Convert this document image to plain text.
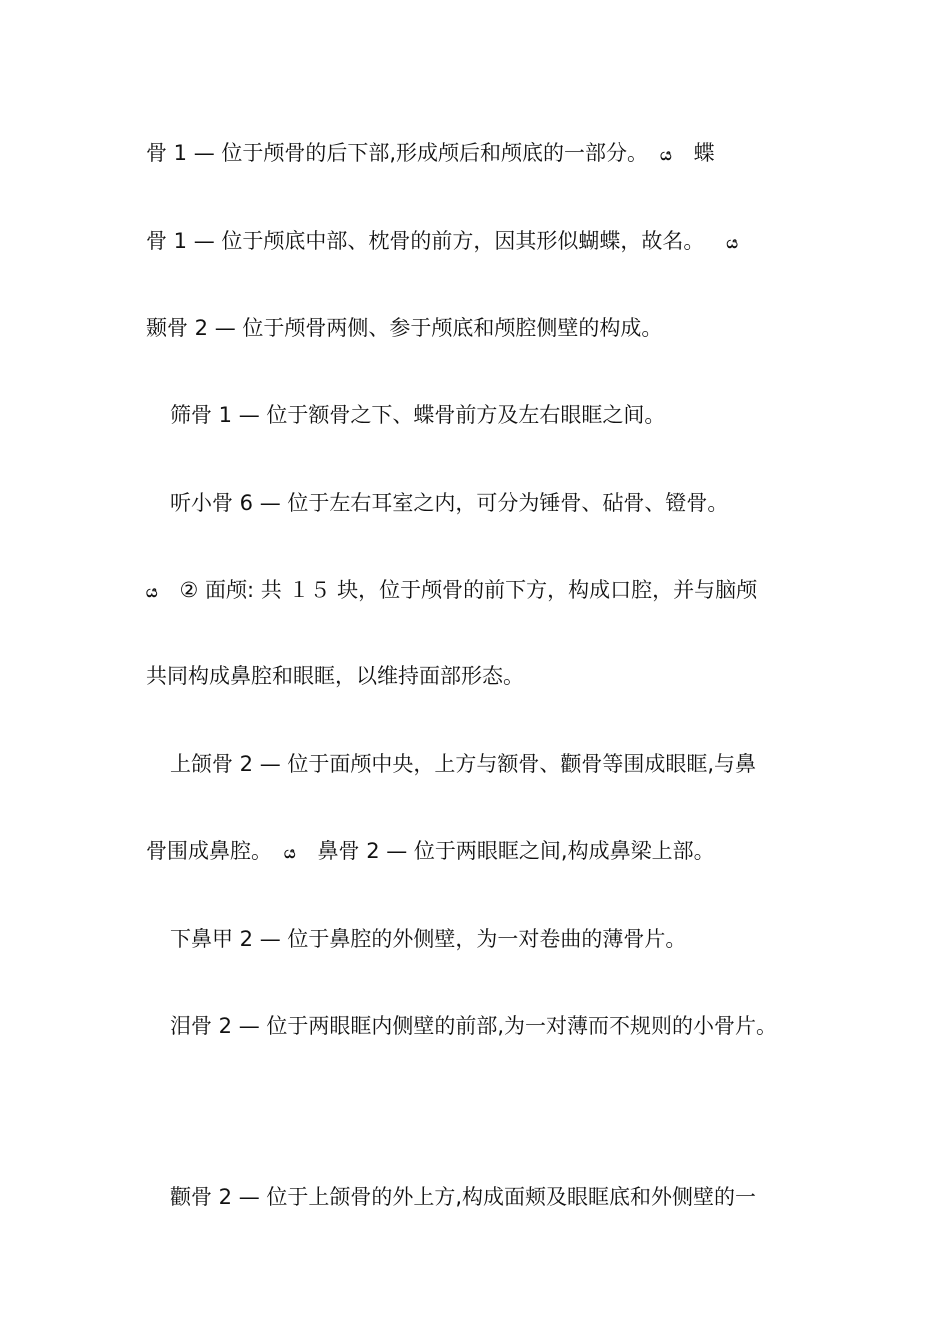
骨 1 — 位于颅骨的后下部,形成颅后和颅底的一部分。 ය 蝶
骨 1 — 位于颅底中部、枕骨的前方，因其形似蝴蝶，故名。 ය
颞骨 2 — 位于颅骨两侧、参于颅底和颅腔侧壁的构成。
筛骨 1 — 位于额骨之下、蝶骨前方及左右眼眶之间。
听小骨 6 — 位于左右耳室之内，可分为锤骨、砧骨、镫骨。
ය ② 面颅: 共 １５ 块，位于颅骨的前下方，构成口腔，并与脑颅
共同构成鼻腔和眼眶，以维持面部形态。
上颌骨 2 — 位于面颅中央，上方与额骨、颧骨等围成眼眶,与鼻
骨围成鼻腔。 ය 鼻骨 2 — 位于两眼眶之间,构成鼻梁上部。
下鼻甲 2 — 位于鼻腔的外侧壁，为一对卷曲的薄骨片。
泪骨 2 — 位于两眼眶内侧壁的前部,为一对薄而不规则的小骨片。
颧骨 2 — 位于上颌骨的外上方,构成面颊及眼眶底和外侧壁的一
